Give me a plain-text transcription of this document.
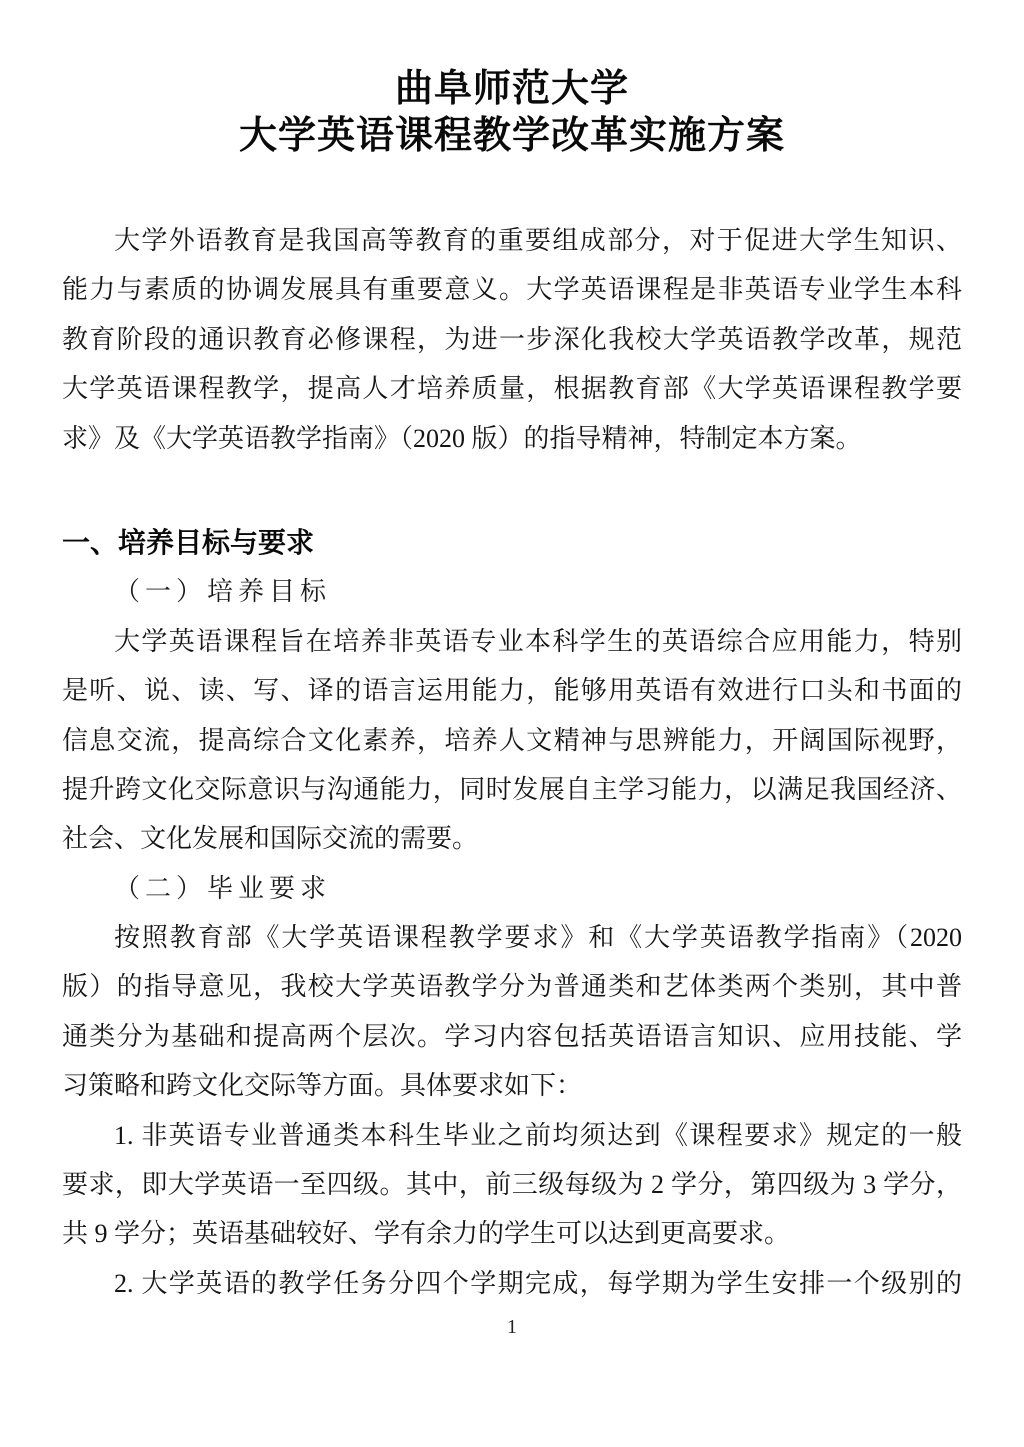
曲阜师范大学
大学英语课程教学改革实施方案
大学外语教育是我国高等教育的重要组成部分，对于促进大学生知识、
能力与素质的协调发展具有重要意义。大学英语课程是非英语专业学生本科
教育阶段的通识教育必修课程，为进一步深化我校大学英语教学改革，规范
大学英语课程教学，提高人才培养质量，根据教育部《大学英语课程教学要
求》及《大学英语教学指南》（2020 版）的指导精神，特制定本方案。
一、培养目标与要求
（一）培养目标
大学英语课程旨在培养非英语专业本科学生的英语综合应用能力，特别
是听、说、读、写、译的语言运用能力，能够用英语有效进行口头和书面的
信息交流，提高综合文化素养，培养人文精神与思辨能力，开阔国际视野，
提升跨文化交际意识与沟通能力，同时发展自主学习能力，以满足我国经济、
社会、文化发展和国际交流的需要。
（二）毕业要求
按照教育部《大学英语课程教学要求》和《大学英语教学指南》（2020
版）的指导意见，我校大学英语教学分为普通类和艺体类两个类别，其中普
通类分为基础和提高两个层次。学习内容包括英语语言知识、应用技能、学
习策略和跨文化交际等方面。具体要求如下：
1. 非英语专业普通类本科生毕业之前均须达到《课程要求》规定的一般
要求，即大学英语一至四级。其中，前三级每级为 2 学分，第四级为 3 学分，
共 9 学分；英语基础较好、学有余力的学生可以达到更高要求。
2. 大学英语的教学任务分四个学期完成，每学期为学生安排一个级别的
1
